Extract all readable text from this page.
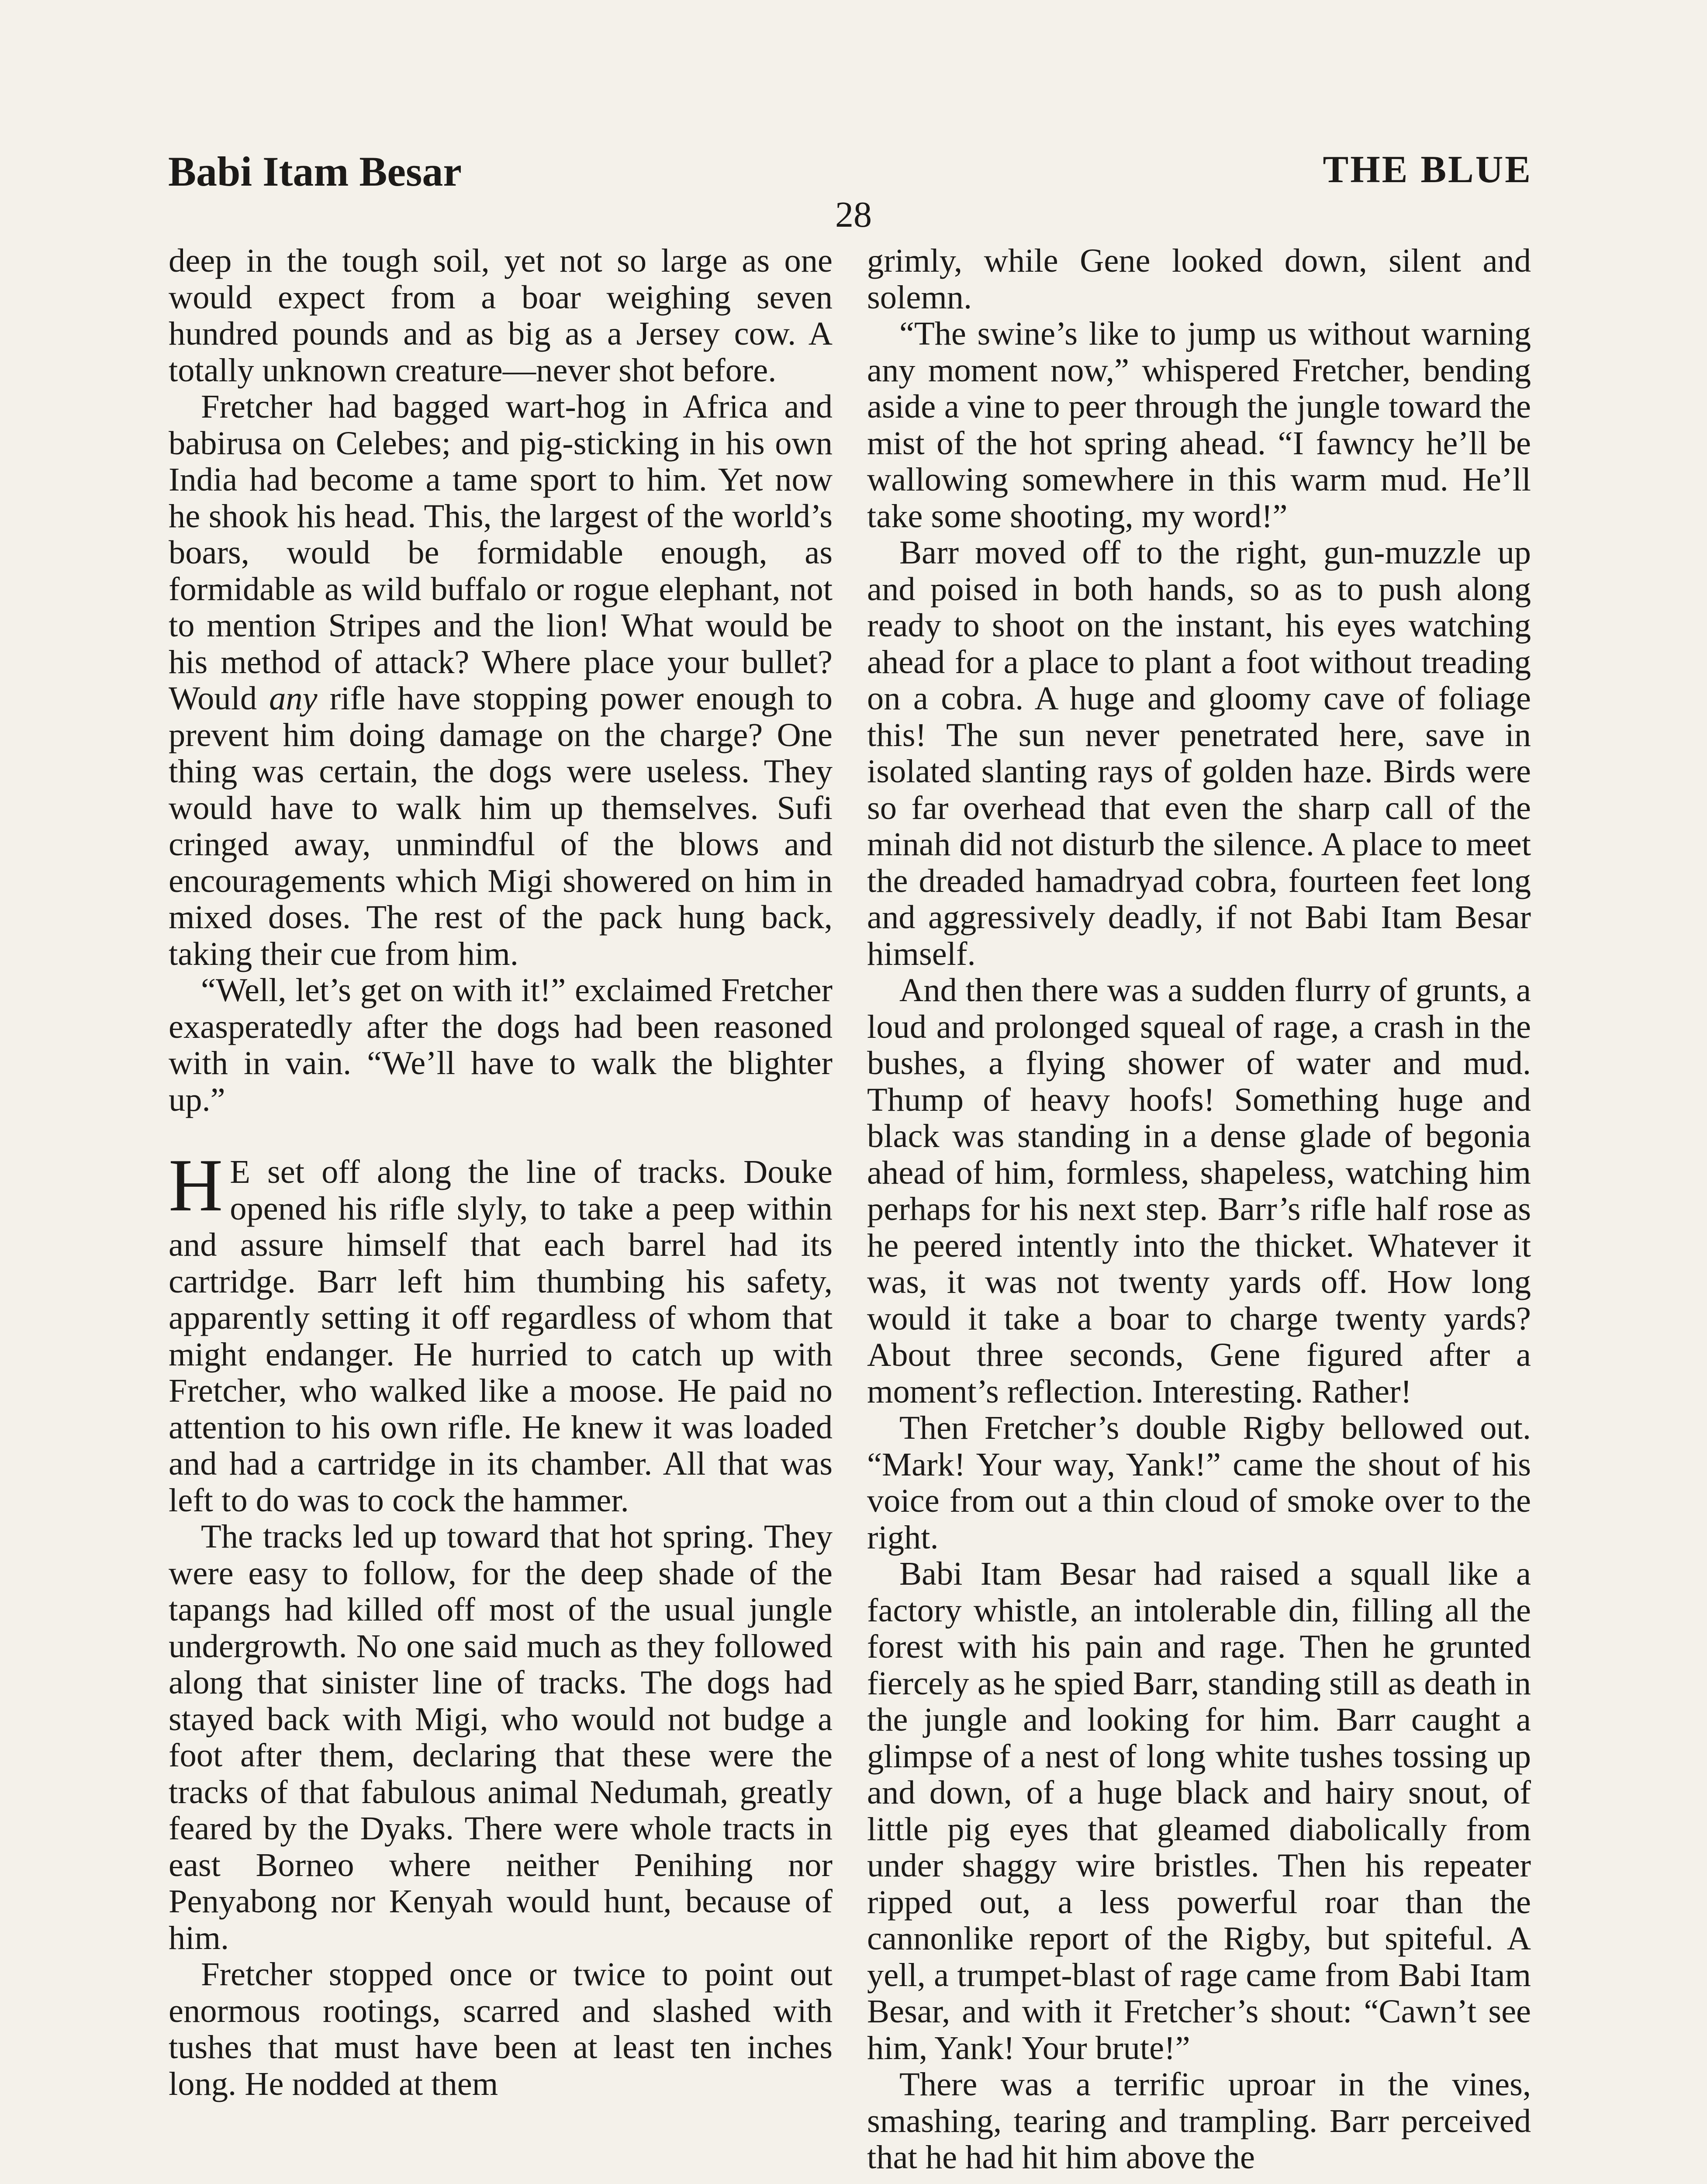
Babi Itam Besar	THE BLUE
28

deep in the tough soil, yet not so large as one would expect from a boar weighing seven hundred pounds and as big as a Jersey cow. A totally unknown creature—never shot before.

Fretcher had bagged wart-hog in Africa and babirusa on Celebes; and pig-sticking in his own India had become a tame sport to him. Yet now he shook his head. This, the largest of the world’s boars, would be formidable enough, as formidable as wild buffalo or rogue elephant, not to mention Stripes and the lion! What would be his method of attack? Where place your bullet? Would any rifle have stopping power enough to prevent him doing damage on the charge? One thing was certain, the dogs were useless. They would have to walk him up themselves. Sufi cringed away, unmindful of the blows and encouragements which Migi showered on him in mixed doses. The rest of the pack hung back, taking their cue from him.

“Well, let’s get on with it!” exclaimed Fretcher exasperatedly after the dogs had been reasoned with in vain. “We’ll have to walk the blighter up.”

H E set off along the line of tracks. Douke opened his rifle slyly, to take a peep within and assure himself that each barrel had its cartridge. Barr left him thumbing his safety, apparently setting it off regardless of whom that might endanger. He hurried to catch up with Fretcher, who walked like a moose. He paid no attention to his own rifle. He knew it was loaded and had a cartridge in its chamber. All that was left to do was to cock the hammer.

The tracks led up toward that hot spring. They were easy to follow, for the deep shade of the tapangs had killed off most of the usual jungle undergrowth. No one said much as they followed along that sinister line of tracks. The dogs had stayed back with Migi, who would not budge a foot after them, declaring that these were the tracks of that fabulous animal Nedumah, greatly feared by the Dyaks. There were whole tracts in east Borneo where neither Penihing nor Penyabong nor Kenyah would hunt, because of him.

Fretcher stopped once or twice to point out enormous rootings, scarred and slashed with tushes that must have been at least ten inches long. He nodded at them

grimly, while Gene looked down, silent and solemn.

“The swine’s like to jump us without warning any moment now,” whispered Fretcher, bending aside a vine to peer through the jungle toward the mist of the hot spring ahead. “I fawncy he’ll be wallowing somewhere in this warm mud. He’ll take some shooting, my word!”

Barr moved off to the right, gun-muzzle up and poised in both hands, so as to push along ready to shoot on the instant, his eyes watching ahead for a place to plant a foot without treading on a cobra. A huge and gloomy cave of foliage this! The sun never penetrated here, save in isolated slanting rays of golden haze. Birds were so far overhead that even the sharp call of the minah did not disturb the silence. A place to meet the dreaded hamadryad cobra, fourteen feet long and aggressively deadly, if not Babi Itam Besar himself.

And then there was a sudden flurry of grunts, a loud and prolonged squeal of rage, a crash in the bushes, a flying shower of water and mud. Thump of heavy hoofs! Something huge and black was standing in a dense glade of begonia ahead of him, formless, shapeless, watching him perhaps for his next step. Barr’s rifle half rose as he peered intently into the thicket. Whatever it was, it was not twenty yards off. How long would it take a boar to charge twenty yards? About three seconds, Gene figured after a moment’s reflection. Interesting. Rather!

Then Fretcher’s double Rigby bellowed out. “Mark! Your way, Yank!” came the shout of his voice from out a thin cloud of smoke over to the right.

Babi Itam Besar had raised a squall like a factory whistle, an intolerable din, filling all the forest with his pain and rage. Then he grunted fiercely as he spied Barr, standing still as death in the jungle and looking for him. Barr caught a glimpse of a nest of long white tushes tossing up and down, of a huge black and hairy snout, of little pig eyes that gleamed diabolically from under shaggy wire bristles. Then his repeater ripped out, a less powerful roar than the cannonlike report of the Rigby, but spiteful. A yell, a trumpet-blast of rage came from Babi Itam Besar, and with it Fretcher’s shout: “Cawn’t see him, Yank! Your brute!”

There was a terrific uproar in the vines, smashing, tearing and trampling. Barr perceived that he had hit him above the
